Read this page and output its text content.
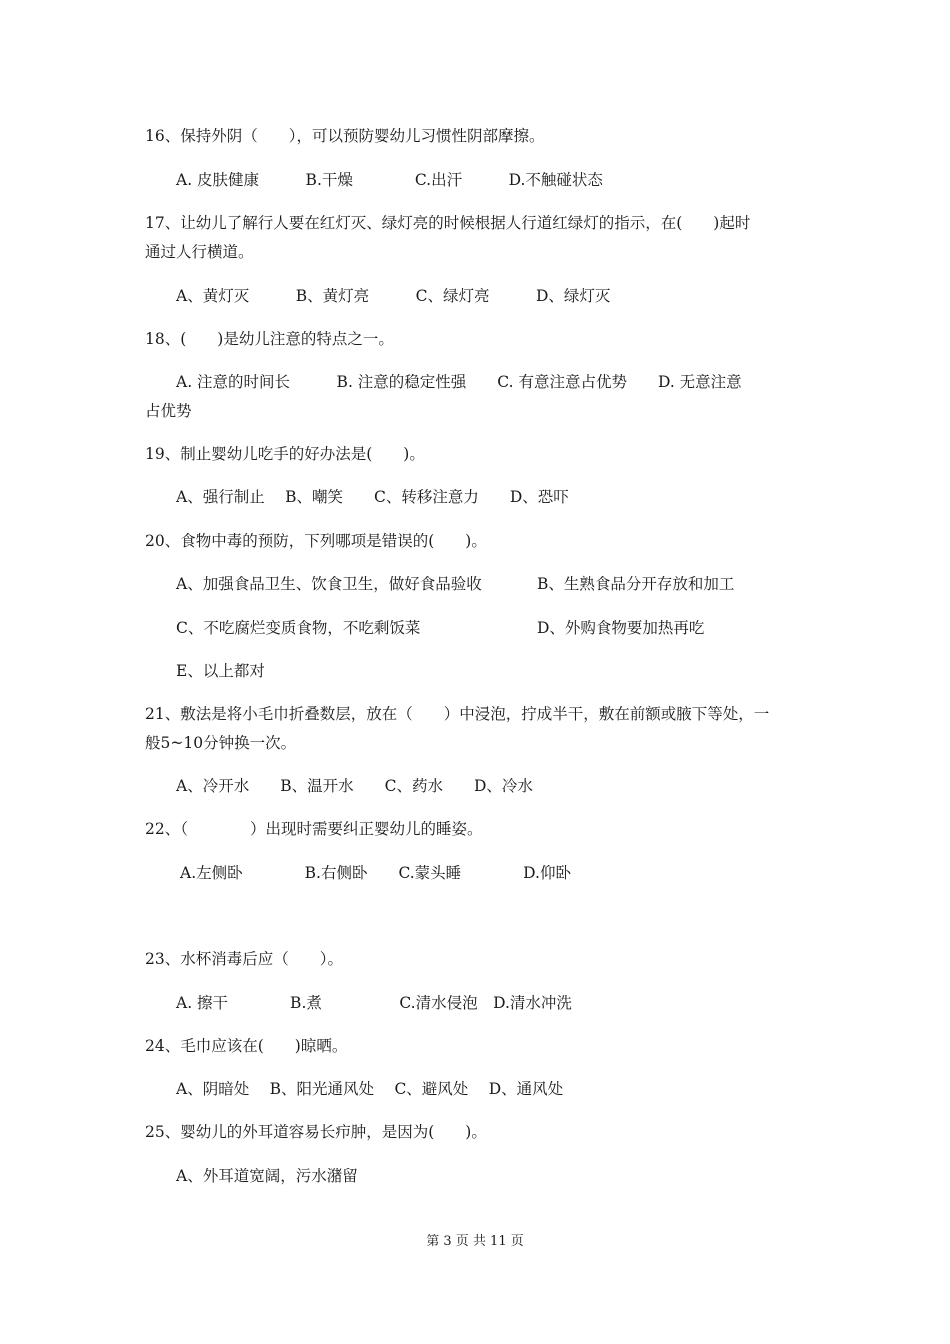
16、保持外阴（　　），可以预防婴幼儿习惯性阴部摩擦。
A. 皮肤健康　　　B.干燥　　　　C.出汗　　　D.不触碰状态
17、让幼儿了解行人要在红灯灭、绿灯亮的时候根据人行道红绿灯的指示，在(　　)起时
通过人行横道。
A、黄灯灭　　　B、黄灯亮　　　C、绿灯亮　　　D、绿灯灭
18、(　　)是幼儿注意的特点之一。
A. 注意的时间长　　　B. 注意的稳定性强　　C. 有意注意占优势　　D. 无意注意
占优势
19、制止婴幼儿吃手的好办法是(　　)。
A、强行制止　 B、嘲笑　　C、转移注意力　　D、恐吓
20、食物中毒的预防，下列哪项是错误的(　　)。
A、加强食品卫生、饮食卫生，做好食品验收	B、生熟食品分开存放和加工
C、不吃腐烂变质食物，不吃剩饭菜	D、外购食物要加热再吃
E、以上都对
21、敷法是将小毛巾折叠数层，放在（　　）中浸泡，拧成半干，敷在前额或腋下等处，一
般5~10分钟换一次。
A、冷开水　　B、温开水　　C、药水　　D、冷水
22、（　　　　）出现时需要纠正婴幼儿的睡姿。
A.左侧卧　　　　B.右侧卧　　C.蒙头睡　　　　D.仰卧
23、水杯消毒后应（　　）。
A. 擦干　　　　B.煮　　　　　C.清水侵泡　D.清水冲洗
24、毛巾应该在(　　)晾晒。
A、阴暗处　 B、阳光通风处　 C、避风处　 D、通风处
25、婴幼儿的外耳道容易长疖肿，是因为(　　)。
A、外耳道宽阔，污水潴留
第 3 页 共 11 页
